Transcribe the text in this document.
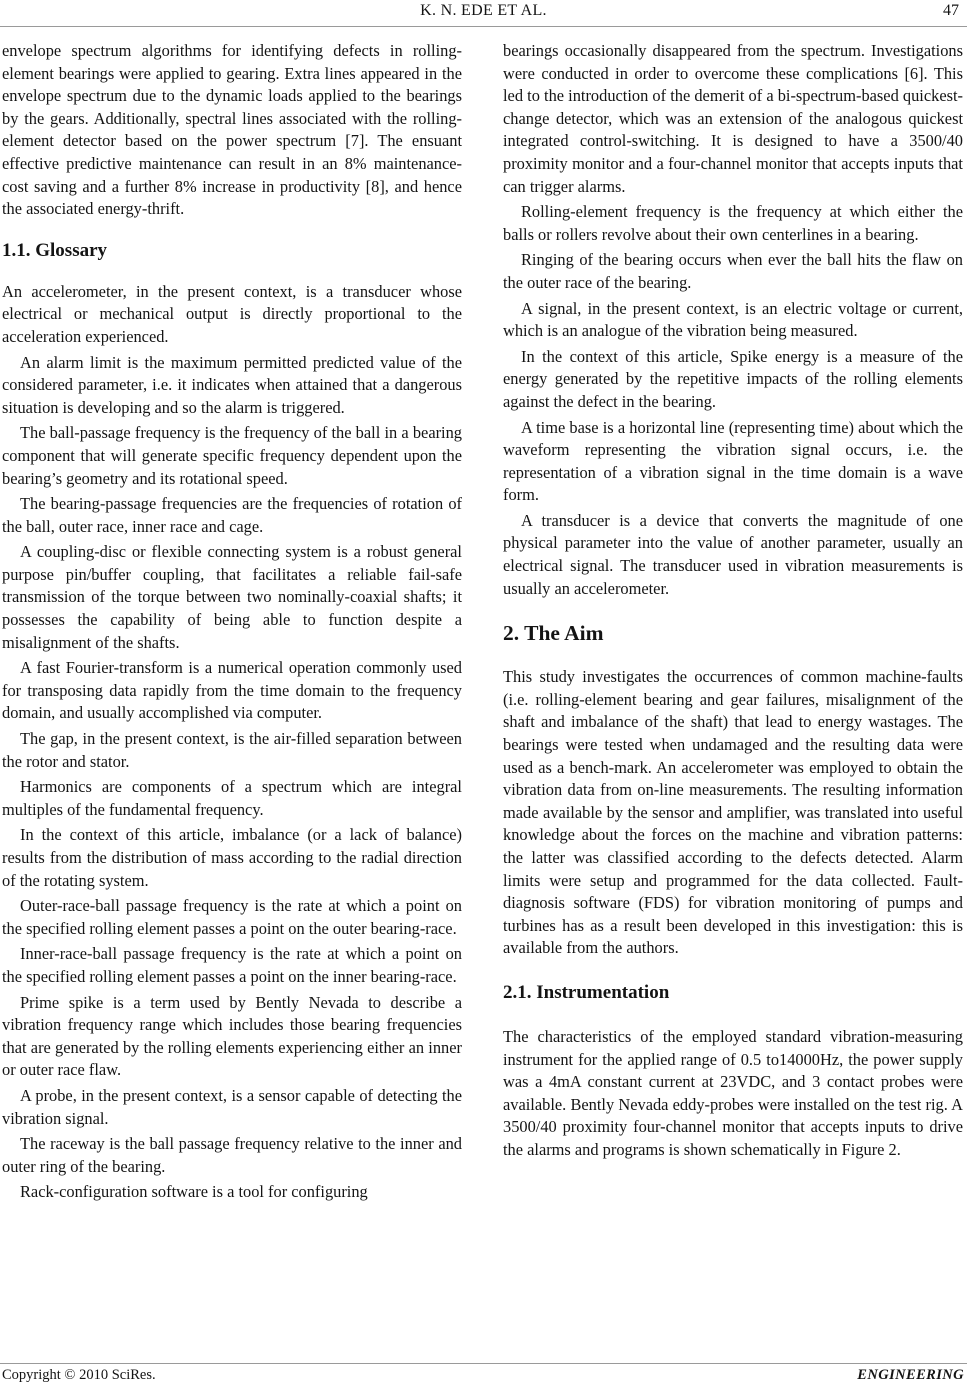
K. N. EDE ET AL.	47

envelope spectrum algorithms for identifying defects in rolling-element bearings were applied to gearing. Extra lines appeared in the envelope spectrum due to the dynamic loads applied to the bearings by the gears. Additionally, spectral lines associated with the rolling-element detector based on the power spectrum [7]. The ensuant effective predictive maintenance can result in an 8% maintenance-cost saving and a further 8% increase in productivity [8], and hence the associated energy-thrift.

1.1. Glossary

An accelerometer, in the present context, is a transducer whose electrical or mechanical output is directly proportional to the acceleration experienced.

An alarm limit is the maximum permitted predicted value of the considered parameter, i.e. it indicates when attained that a dangerous situation is developing and so the alarm is triggered.

The ball-passage frequency is the frequency of the ball in a bearing component that will generate specific frequency dependent upon the bearing’s geometry and its rotational speed.

The bearing-passage frequencies are the frequencies of rotation of the ball, outer race, inner race and cage.

A coupling-disc or flexible connecting system is a robust general purpose pin/buffer coupling, that facilitates a reliable fail-safe transmission of the torque between two nominally-coaxial shafts; it possesses the capability of being able to function despite a misalignment of the shafts.

A fast Fourier-transform is a numerical operation commonly used for transposing data rapidly from the time domain to the frequency domain, and usually accomplished via computer.

The gap, in the present context, is the air-filled separation between the rotor and stator.

Harmonics are components of a spectrum which are integral multiples of the fundamental frequency.

In the context of this article, imbalance (or a lack of balance) results from the distribution of mass according to the radial direction of the rotating system.

Outer-race-ball passage frequency is the rate at which a point on the specified rolling element passes a point on the outer bearing-race.

Inner-race-ball passage frequency is the rate at which a point on the specified rolling element passes a point on the inner bearing-race.

Prime spike is a term used by Bently Nevada to describe a vibration frequency range which includes those bearing frequencies that are generated by the rolling elements experiencing either an inner or outer race flaw.

A probe, in the present context, is a sensor capable of detecting the vibration signal.

The raceway is the ball passage frequency relative to the inner and outer ring of the bearing.

Rack-configuration software is a tool for configuring

bearings occasionally disappeared from the spectrum. Investigations were conducted in order to overcome these complications [6]. This led to the introduction of the demerit of a bi-spectrum-based quickest-change detector, which was an extension of the analogous quickest integrated control-switching. It is designed to have a 3500/40 proximity monitor and a four-channel monitor that accepts inputs that can trigger alarms.

Rolling-element frequency is the frequency at which either the balls or rollers revolve about their own centerlines in a bearing.

Ringing of the bearing occurs when ever the ball hits the flaw on the outer race of the bearing.

A signal, in the present context, is an electric voltage or current, which is an analogue of the vibration being measured.

In the context of this article, Spike energy is a measure of the energy generated by the repetitive impacts of the rolling elements against the defect in the bearing.

A time base is a horizontal line (representing time) about which the waveform representing the vibration signal occurs, i.e. the representation of a vibration signal in the time domain is a wave form.

A transducer is a device that converts the magnitude of one physical parameter into the value of another parameter, usually an electrical signal. The transducer used in vibration measurements is usually an accelerometer.

2. The Aim

This study investigates the occurrences of common machine-faults (i.e. rolling-element bearing and gear failures, misalignment of the shaft and imbalance of the shaft) that lead to energy wastages. The bearings were tested when undamaged and the resulting data were used as a bench-mark. An accelerometer was employed to obtain the vibration data from on-line measurements. The resulting information made available by the sensor and amplifier, was translated into useful knowledge about the forces on the machine and vibration patterns: the latter was classified according to the defects detected. Alarm limits were setup and programmed for the data collected. Fault-diagnosis software (FDS) for vibration monitoring of pumps and turbines has as a result been developed in this investigation: this is available from the authors.

2.1. Instrumentation

The characteristics of the employed standard vibration-measuring instrument for the applied range of 0.5 to14000Hz, the power supply was a 4mA constant current at 23VDC, and 3 contact probes were available. Bently Nevada eddy-probes were installed on the test rig. A 3500/40 proximity four-channel monitor that accepts inputs to drive the alarms and programs is shown schematically in Figure 2.

Copyright © 2010 SciRes.	ENGINEERING
